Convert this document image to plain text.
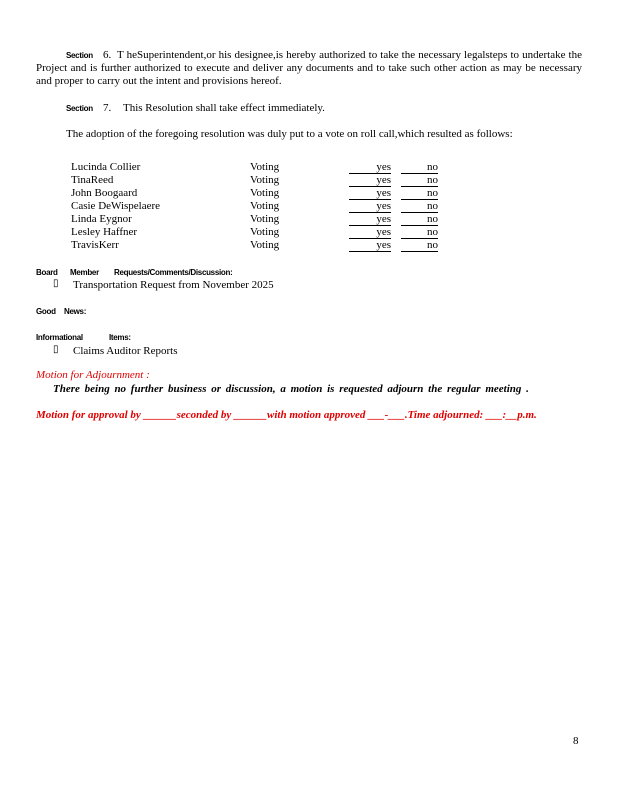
Section 6. T heSuperintendent,or his designee,is hereby authorized to take the necessary legalsteps to undertake the Project and is further authorized to execute and deliver any documents and to take such other action as may be necessary and proper to carry out the intent and provisions hereof.
Section 7. This Resolution shall take effect immediately.
The adoption of the foregoing resolution was duly put to a vote on roll call,which resulted as follows:
Lucinda Collier	Voting	yes	no
TinaReed	Voting	yes	no
John Boogaard	Voting	yes	no
Casie DeWispelaere	Voting	yes	no
Linda Eygnor	Voting	yes	no
Lesley Haffner	Voting	yes	no
TravisKerr	Voting	yes	no
Board Member Requests/Comments/Discussion:
▯ Transportation Request from November 2025
Good News:
Informational	Items:
▯ Claims Auditor Reports
Motion for Adjournment :
There being no further business or discussion, a motion is requested adjourn the regular meeting .
Motion for approval by ______seconded by ______with motion approved ___-___.Time adjourned: ___:__p.m.
8
